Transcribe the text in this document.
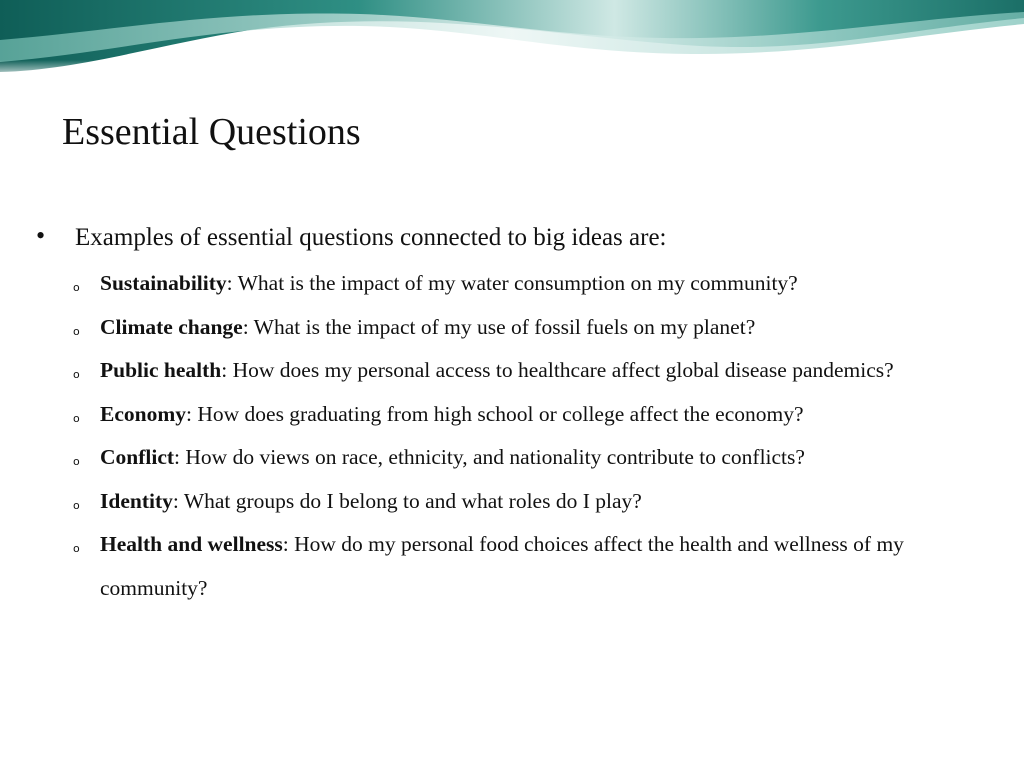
Essential Questions
• Examples of essential questions connected to big ideas are:
o Sustainability: What is the impact of my water consumption on my community?
o Climate change: What is the impact of my use of fossil fuels on my planet?
o Public health: How does my personal access to healthcare affect global disease pandemics?
o Economy: How does graduating from high school or college affect the economy?
o Conflict: How do views on race, ethnicity, and nationality contribute to conflicts?
o Identity: What groups do I belong to and what roles do I play?
o Health and wellness: How do my personal food choices affect the health and wellness of my community?
